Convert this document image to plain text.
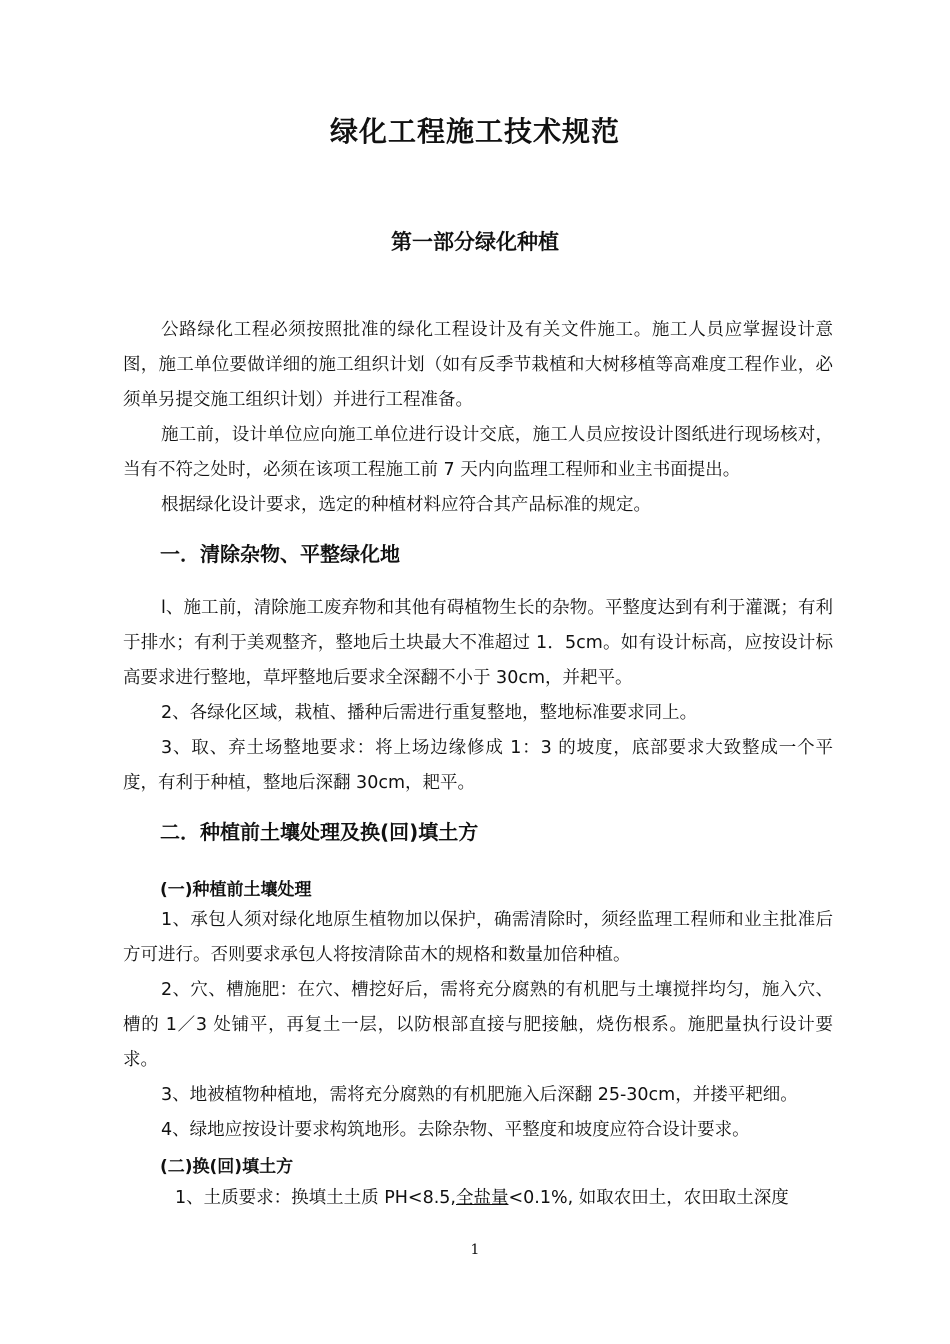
绿化工程施工技术规范
第一部分绿化种植

公路绿化工程必须按照批准的绿化工程设计及有关文件施工。施工人员应掌握设计意图，施工单位要做详细的施工组织计划（如有反季节栽植和大树移植等高难度工程作业，必须单另提交施工组织计划）并进行工程准备。

施工前，设计单位应向施工单位进行设计交底，施工人员应按设计图纸进行现场核对，当有不符之处时，必须在该项工程施工前 7 天内向监理工程师和业主书面提出。

根据绿化设计要求，选定的种植材料应符合其产品标准的规定。

一．清除杂物、平整绿化地

l、施工前，清除施工废弃物和其他有碍植物生长的杂物。平整度达到有利于灌溉；有利于排水；有利于美观整齐，整地后土块最大不准超过 1．5cm。如有设计标高，应按设计标高要求进行整地，草坪整地后要求全深翻不小于 30cm，并耙平。

2、各绿化区域，栽植、播种后需进行重复整地，整地标准要求同上。

3、取、弃土场整地要求：将上场边缘修成 1：3 的坡度，底部要求大致整成一个平度，有利于种植，整地后深翻 30cm，耙平。

二．种植前土壤处理及换(回)填土方
(一)种植前土壤处理

1、承包人须对绿化地原生植物加以保护，确需清除时，须经监理工程师和业主批准后方可进行。否则要求承包人将按清除苗木的规格和数量加倍种植。

2、穴、槽施肥：在穴、槽挖好后，需将充分腐熟的有机肥与土壤搅拌均匀，施入穴、槽的 1／3 处铺平，再复土一层，以防根部直接与肥接触，烧伤根系。施肥量执行设计要求。

3、地被植物种植地，需将充分腐熟的有机肥施入后深翻 25-30cm，并搂平耙细。

4、绿地应按设计要求构筑地形。去除杂物、平整度和坡度应符合设计要求。

(二)换(回)填土方

1、土质要求：换填土土质 PH<8.5,全盐量<0.1%, 如取农田土，农田取土深度

1
